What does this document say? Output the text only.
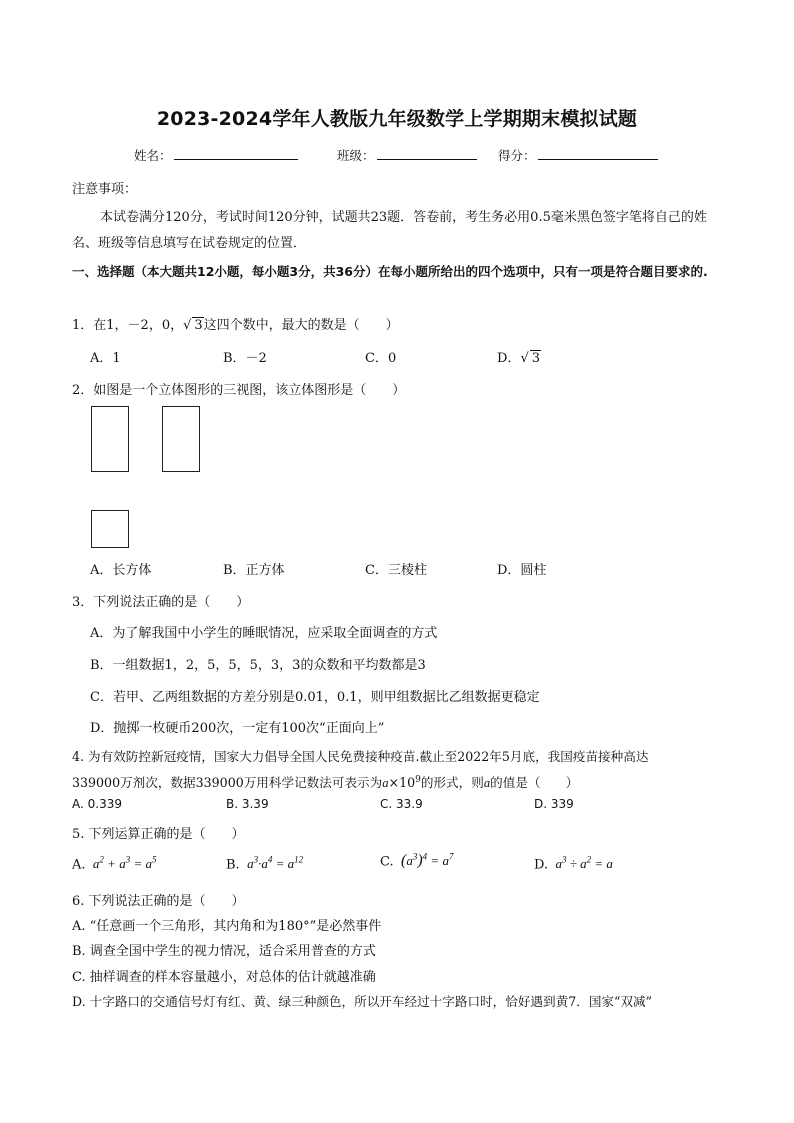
2023-2024学年人教版九年级数学上学期期末模拟试题
姓名：	班级：	得分：
注意事项：
本试卷满分120分，考试时间120分钟，试题共23题．答卷前，考生务必用0.5毫米黑色签字笔将自己的姓名、班级等信息填写在试卷规定的位置．
一、选择题（本大题共12小题，每小题3分，共36分）在每小题所给出的四个选项中，只有一项是符合题目要求的.
1．在1，－2，0，√ 3这四个数中，最大的数是（　　）
A．1	B．－2	C．0	D．√ 3
2．如图是一个立体图形的三视图，该立体图形是（　　）
A．长方体	B．正方体	C．三棱柱	D．圆柱
3．下列说法正确的是（　　）
A．为了解我国中小学生的睡眠情况，应采取全面调查的方式
B．一组数据1，2，5，5，5，3，3的众数和平均数都是3
C．若甲、乙两组数据的方差分别是0.01，0.1，则甲组数据比乙组数据更稳定
D．抛掷一枚硬币200次，一定有100次“正面向上”
4. 为有效防控新冠疫情，国家大力倡导全国人民免费接种疫苗.截止至2022年5月底，我国疫苗接种高达
339000万剂次，数据339000万用科学记数法可表示为$a\times 10^9$的形式，则a的值是（　　）
A. 0.339	B. 3.39	C. 33.9	D. 339
5. 下列运算正确的是（　　）
A.  $a^2 + a^3 = a^5$	B.  $a^3\cdot a^4 = a^{12}$	C. $(a^3)^4 = a^7$
D.  $a^3 \div a^2 = a$
6. 下列说法正确的是（　　）
A. “任意画一个三角形，其内角和为180°”是必然事件
B. 调查全国中学生的视力情况，适合采用普查的方式
C. 抽样调查的样本容量越小，对总体的估计就越准确
D. 十字路口的交通信号灯有红、黄、绿三种颜色，所以开车经过十字路口时，恰好遇到黄7．国家“双减”
